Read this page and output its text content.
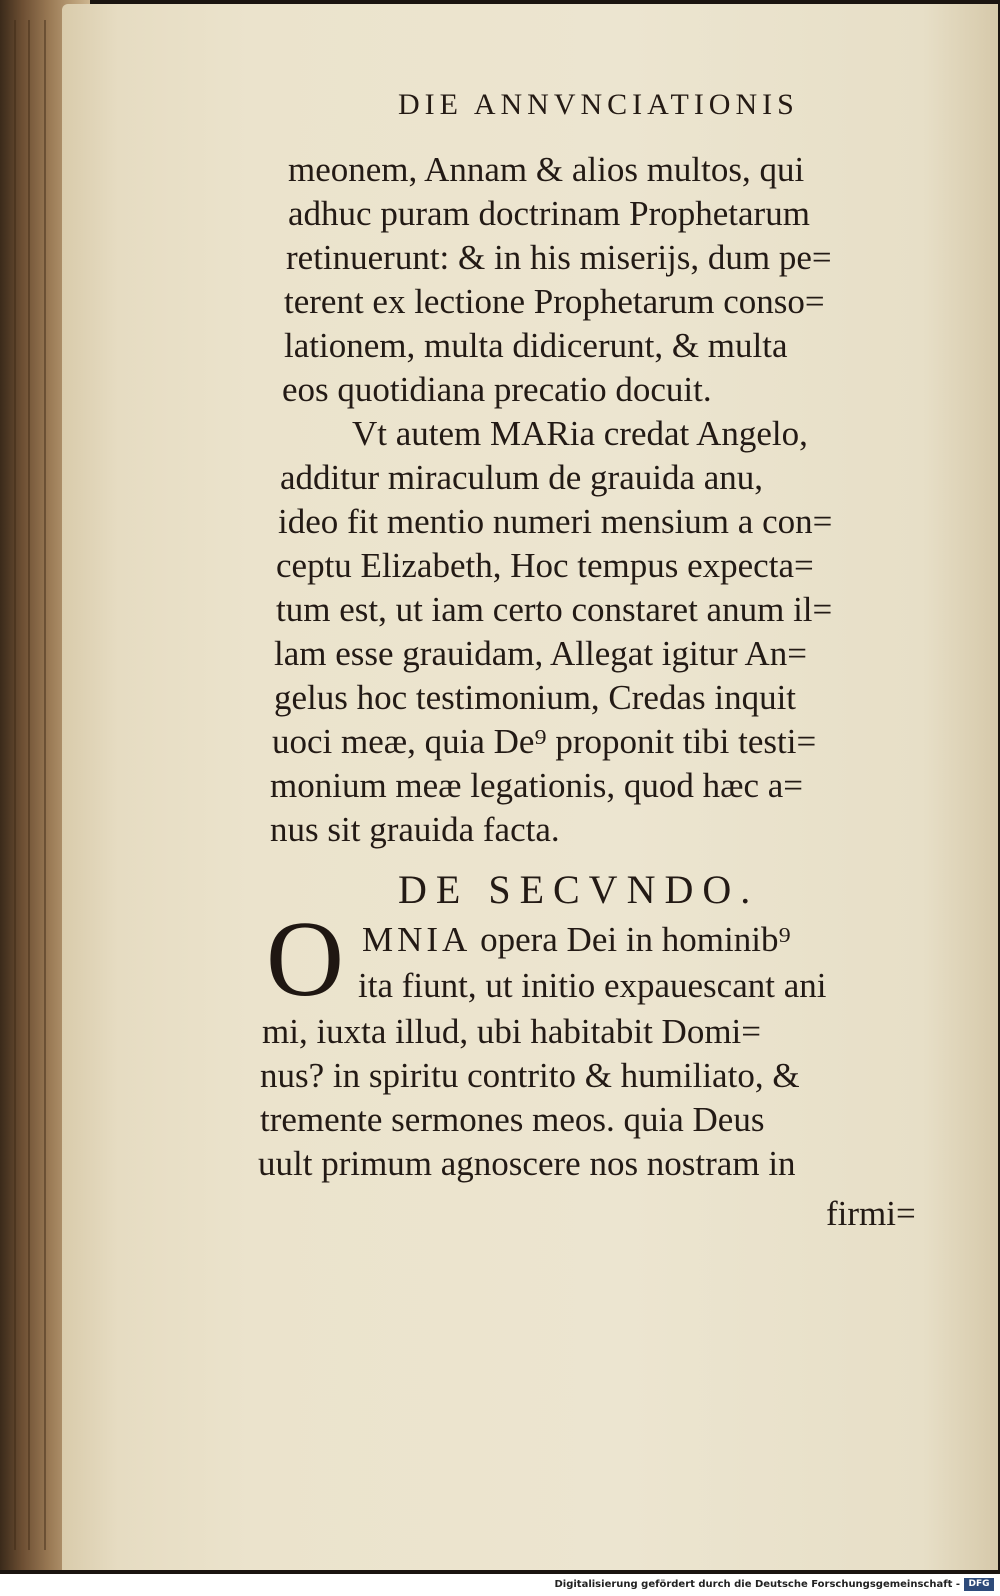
DIE ANNVNCIATIONIS
meonem, Annam & alios multos, qui
adhuc puram doctrinam Prophetarum
retinuerunt: & in his miserijs, dum pe=
terent ex lectione Prophetarum conso=
lationem, multa didicerunt, & multa
eos quotidiana precatio docuit.
Vt autem MARia credat Angelo,
additur miraculum de grauida anu,
ideo fit mentio numeri mensium a con=
ceptu Elizabeth, Hoc tempus expecta=
tum est, ut iam certo constaret anum il=
lam esse grauidam, Allegat igitur An=
gelus hoc testimonium, Credas inquit
uoci meæ, quia De⁹ proponit tibi testi=
monium meæ legationis, quod hæc a=
nus sit grauida facta.
DE SECVNDO.
O MNIA opera Dei in hominib⁹
ita fiunt, ut initio expauescant ani
mi, iuxta illud, ubi habitabit Domi=
nus? in spiritu contrito & humiliato, &
tremente sermones meos. quia Deus
uult primum agnoscere nos nostram in
firmi=
Digitalisierung gefördert durch die Deutsche Forschungsgemeinschaft - DFG
